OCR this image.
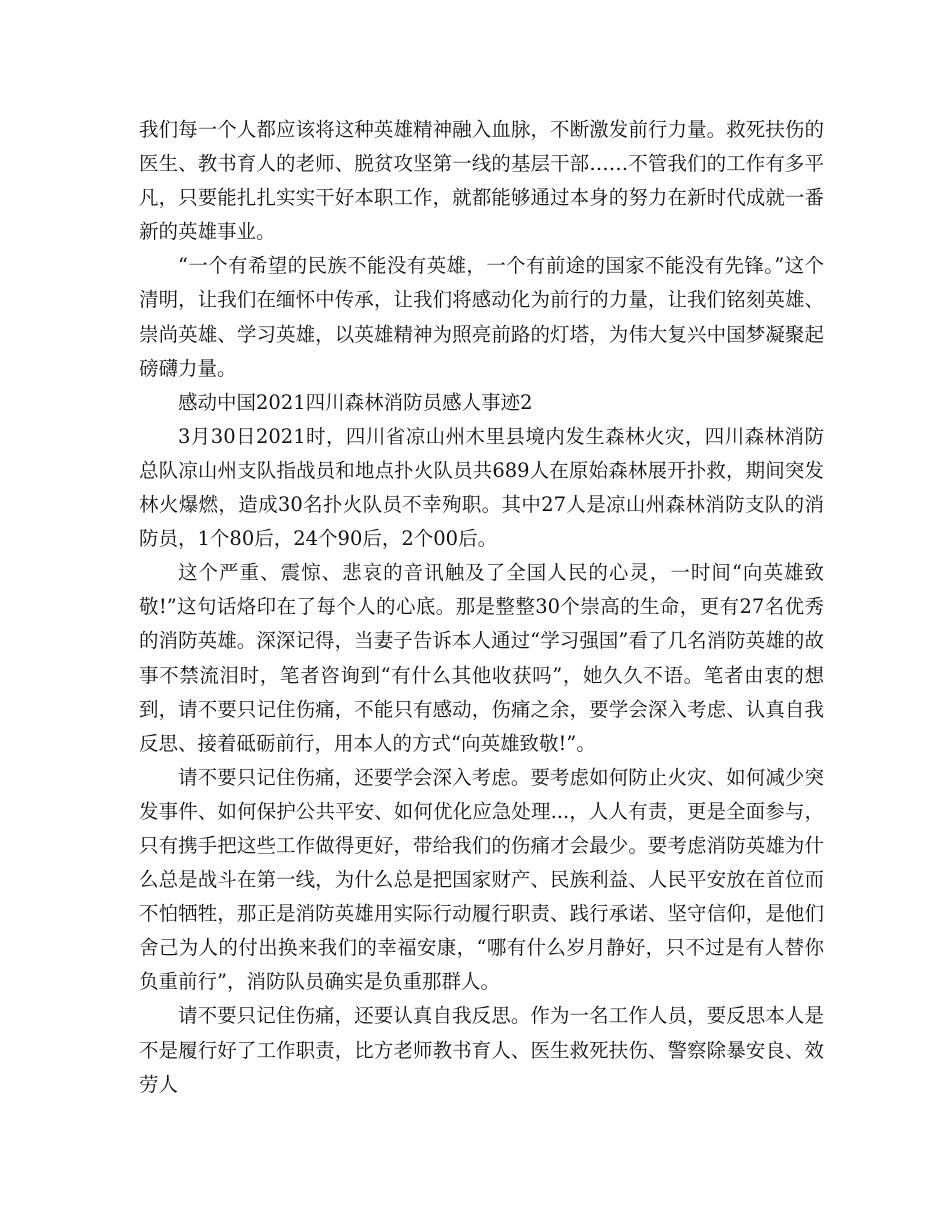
我们每一个人都应该将这种英雄精神融入血脉，不断激发前行力量。救死扶伤的医生、教书育人的老师、脱贫攻坚第一线的基层干部……不管我们的工作有多平凡，只要能扎扎实实干好本职工作，就都能够通过本身的努力在新时代成就一番新的英雄事业。

“一个有希望的民族不能没有英雄，一个有前途的国家不能没有先锋。”这个清明，让我们在缅怀中传承，让我们将感动化为前行的力量，让我们铭刻英雄、崇尚英雄、学习英雄，以英雄精神为照亮前路的灯塔，为伟大复兴中国梦凝聚起磅礴力量。

感动中国2021四川森林消防员感人事迹2

3月30日2021时，四川省凉山州木里县境内发生森林火灾，四川森林消防总队凉山州支队指战员和地点扑火队员共689人在原始森林展开扑救，期间突发林火爆燃，造成30名扑火队员不幸殉职。其中27人是凉山州森林消防支队的消防员，1个80后，24个90后，2个00后。

这个严重、震惊、悲哀的音讯触及了全国人民的心灵，一时间“向英雄致敬!”这句话烙印在了每个人的心底。那是整整30个崇高的生命，更有27名优秀的消防英雄。深深记得，当妻子告诉本人通过“学习强国”看了几名消防英雄的故事不禁流泪时，笔者咨询到“有什么其他收获吗”，她久久不语。笔者由衷的想到，请不要只记住伤痛，不能只有感动，伤痛之余，要学会深入考虑、认真自我反思、接着砥砺前行，用本人的方式“向英雄致敬!”。

请不要只记住伤痛，还要学会深入考虑。要考虑如何防止火灾、如何减少突发事件、如何保护公共平安、如何优化应急处理...，人人有责，更是全面参与，只有携手把这些工作做得更好，带给我们的伤痛才会最少。要考虑消防英雄为什么总是战斗在第一线，为什么总是把国家财产、民族利益、人民平安放在首位而不怕牺牲，那正是消防英雄用实际行动履行职责、践行承诺、坚守信仰，是他们舍己为人的付出换来我们的幸福安康，“哪有什么岁月静好，只不过是有人替你负重前行”，消防队员确实是负重那群人。

请不要只记住伤痛，还要认真自我反思。作为一名工作人员，要反思本人是不是履行好了工作职责，比方老师教书育人、医生救死扶伤、警察除暴安良、效劳人
